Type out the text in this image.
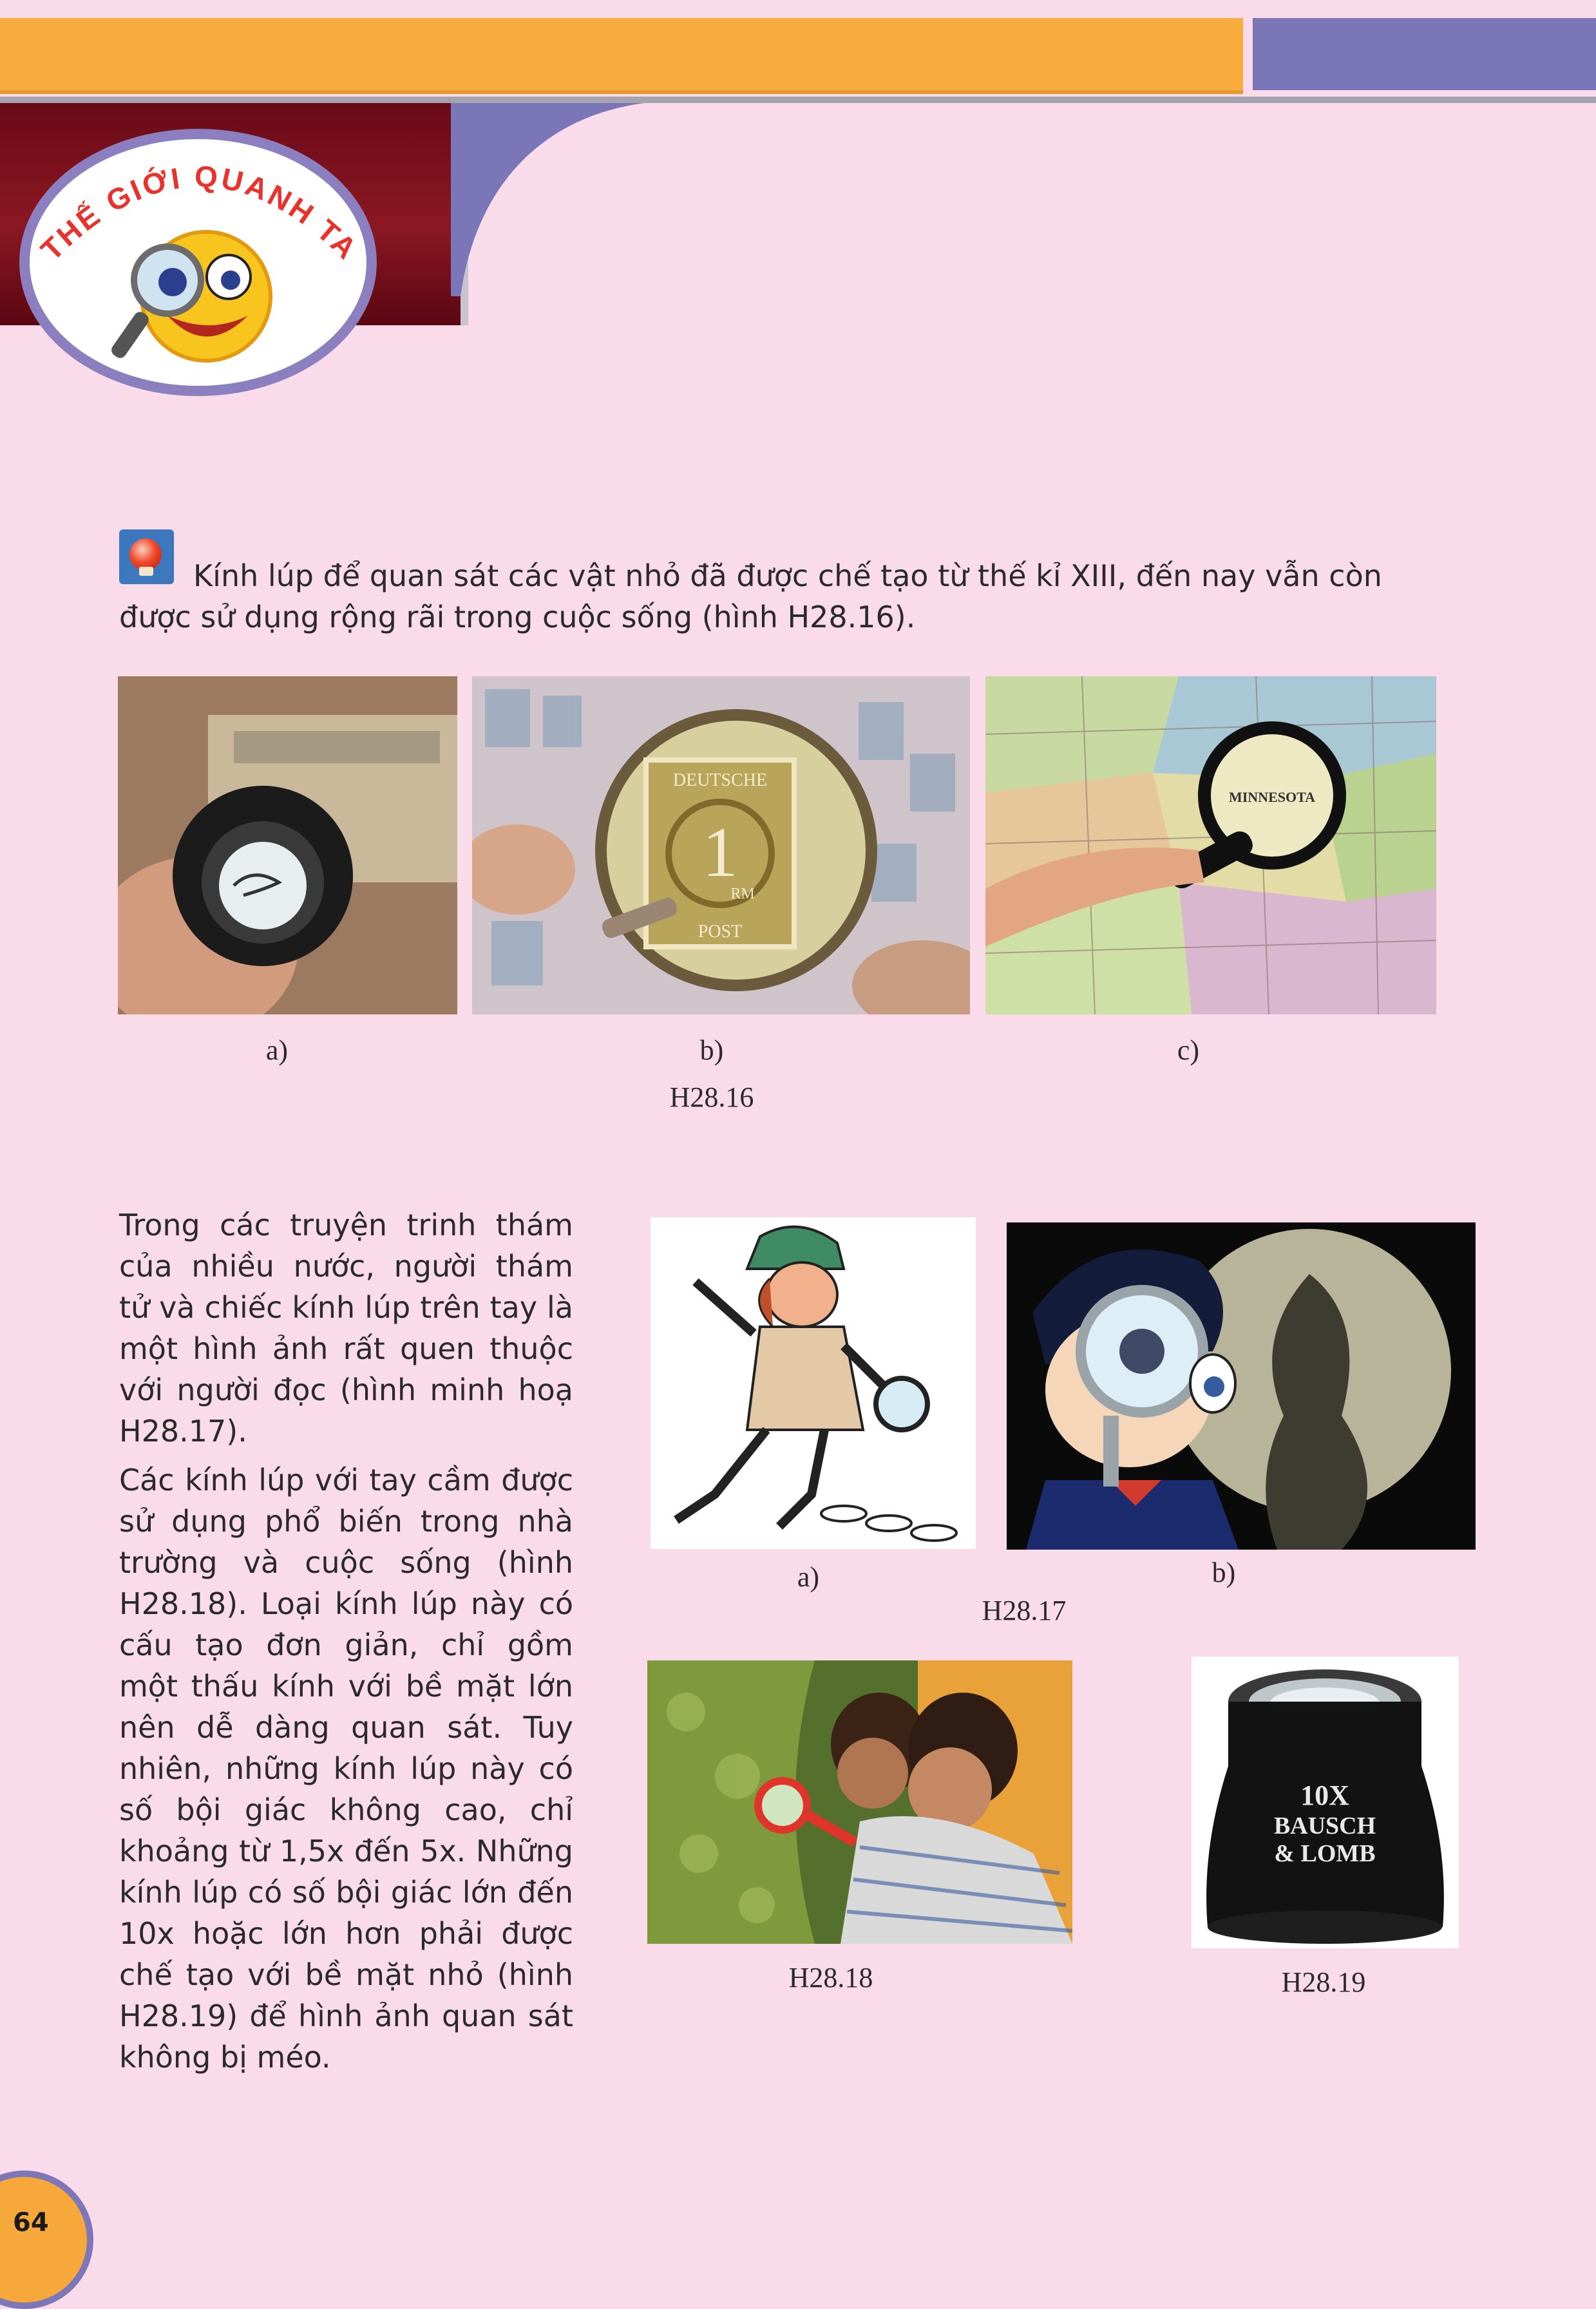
THẾ GIỚI QUANH TA
Kính lúp để quan sát các vật nhỏ đã được chế tạo từ thế kỉ XIII, đến nay vẫn còn được sử dụng rộng rãi trong cuộc sống (hình H28.16).
DEUTSCHE
1
RM
POST
MINNESOTA
a)	b)	c)
H28.16

Trong các truyện trinh thám của nhiều nước, người thám tử và chiếc kính lúp trên tay là một hình ảnh rất quen thuộc với người đọc (hình minh hoạ H28.17).

Các kính lúp với tay cầm được sử dụng phổ biến trong nhà trường và cuộc sống (hình H28.18). Loại kính lúp này có cấu tạo đơn giản, chỉ gồm một thấu kính với bề mặt lớn nên dễ dàng quan sát. Tuy nhiên, những kính lúp này có số bội giác không cao, chỉ khoảng từ 1,5x đến 5x. Những kính lúp có số bội giác lớn đến 10x hoặc lớn hơn phải được chế tạo với bề mặt nhỏ (hình H28.19) để hình ảnh quan sát không bị méo.

a)	b)
H28.17
10X
BAUSCH
& LOMB
H28.18	H28.19
64
